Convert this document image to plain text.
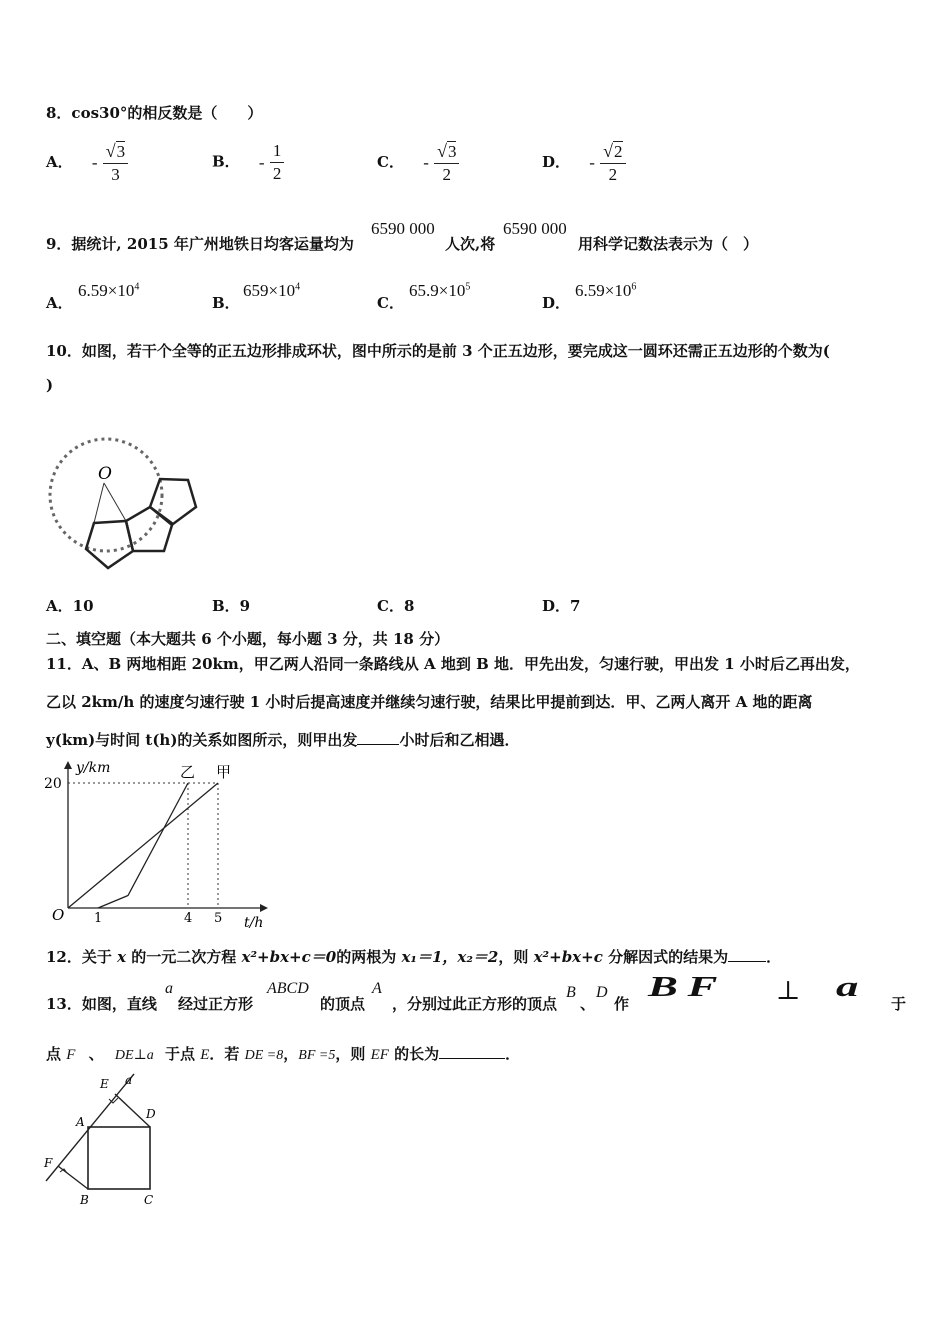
8．cos30°的相反数是（　　）
A． - $\frac{√3}{3}$	B． - $\frac{1}{2}$	C． - $\frac{√3}{2}$	D． - $\frac{√2}{2}$
9．据统计, 2015 年广州地铁日均客运量均为
6590 000
人次,将
6590 000
用科学记数法表示为（　）
A．
$6.59\times 10^4$
B．
$659\times 10^4$
C．
$65.9\times 10^5$
D．
$6.59\times 10^6$
10．如图，若干个全等的正五边形排成环状，图中所示的是前 3 个正五边形，要完成这一圆环还需正五边形的个数为(
)
O
A．10	B．9	C．8	D．7
二、填空题（本大题共 6 个小题，每小题 3 分，共 18 分）
11．A、B 两地相距 20km，甲乙两人沿同一条路线从 A 地到 B 地．甲先出发，匀速行驶，甲出发 1 小时后乙再出发，
乙以 2km/h 的速度匀速行驶 1 小时后提高速度并继续匀速行驶，结果比甲提前到达．甲、乙两人离开 A 地的距离
y(km)与时间 t(h)的关系如图所示，则甲出发	小时后和乙相遇．
y/km
t/h
O
20
1	4 5
乙 甲
12．关于 x 的一元二次方程 x²+bx+c＝0的两根为 x₁＝1，x₂＝2，则 x²+bx+c 分解因式的结果为	．
13．如图，直线
a
经过正方形
ABCD
的顶点
A
，分别过此正方形的顶点
B
、
D
作
BF ⊥ a
于
点 F 、 DE⊥a 于点 E．若 DE =8，BF =5，则 EF 的长为	．
E a
A
D
F
B	C
